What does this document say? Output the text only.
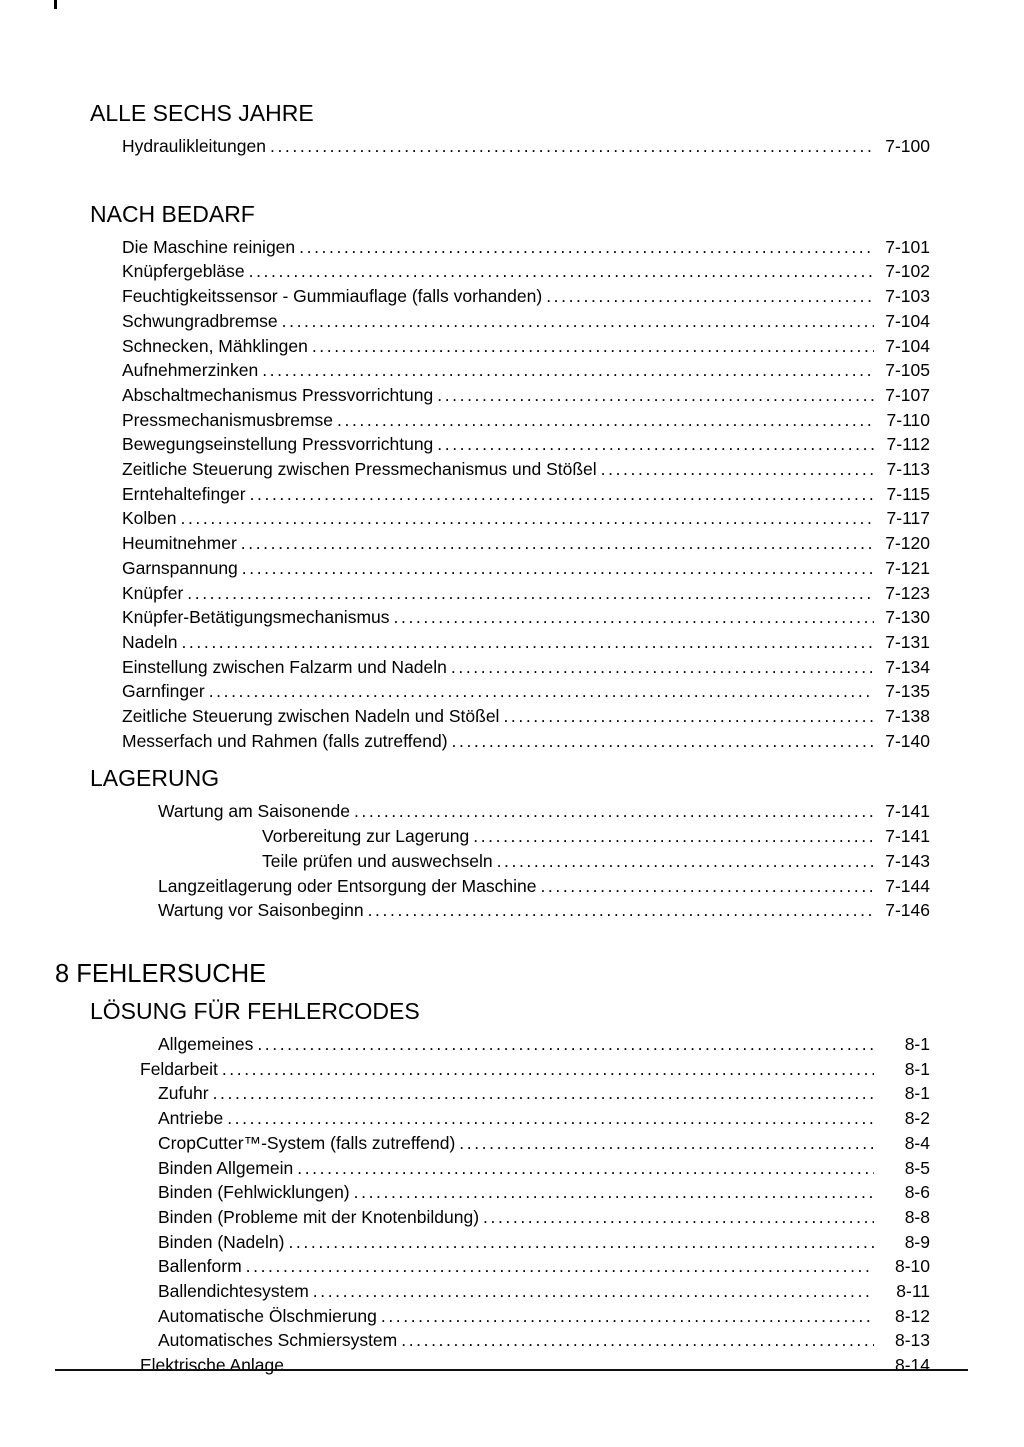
ALLE SECHS JAHRE
Hydraulikleitungen .....	7-100
NACH BEDARF
Die Maschine reinigen .....	7-101
Knüpfergebläse .....	7-102
Feuchtigkeitssensor - Gummiauflage (falls vorhanden) .....	7-103
Schwungradbremse .....	7-104
Schnecken, Mähklingen .....	7-104
Aufnehmerzinken .....	7-105
Abschaltmechanismus Pressvorrichtung .....	7-107
Pressmechanismusbremse .....	7-110
Bewegungseinstellung Pressvorrichtung .....	7-112
Zeitliche Steuerung zwischen Pressmechanismus und Stößel .....	7-113
Erntehaltefinger .....	7-115
Kolben .....	7-117
Heumitnehmer .....	7-120
Garnspannung .....	7-121
Knüpfer .....	7-123
Knüpfer-Betätigungsmechanismus .....	7-130
Nadeln .....	7-131
Einstellung zwischen Falzarm und Nadeln .....	7-134
Garnfinger .....	7-135
Zeitliche Steuerung zwischen Nadeln und Stößel .....	7-138
Messerfach und Rahmen (falls zutreffend) .....	7-140
LAGERUNG
Wartung am Saisonende .....	7-141
Vorbereitung zur Lagerung .....	7-141
Teile prüfen und auswechseln .....	7-143
Langzeitlagerung oder Entsorgung der Maschine .....	7-144
Wartung vor Saisonbeginn .....	7-146
8 FEHLERSUCHE
LÖSUNG FÜR FEHLERCODES
Allgemeines .....	8-1
Feldarbeit .....	8-1
Zufuhr .....	8-1
Antriebe .....	8-2
CropCutter™-System (falls zutreffend) .....	8-4
Binden Allgemein .....	8-5
Binden (Fehlwicklungen) .....	8-6
Binden (Probleme mit der Knotenbildung) .....	8-8
Binden (Nadeln) .....	8-9
Ballenform .....	8-10
Ballendichtesystem .....	8-11
Automatische Ölschmierung .....	8-12
Automatisches Schmiersystem .....	8-13
Elektrische Anlage .....	8-14
